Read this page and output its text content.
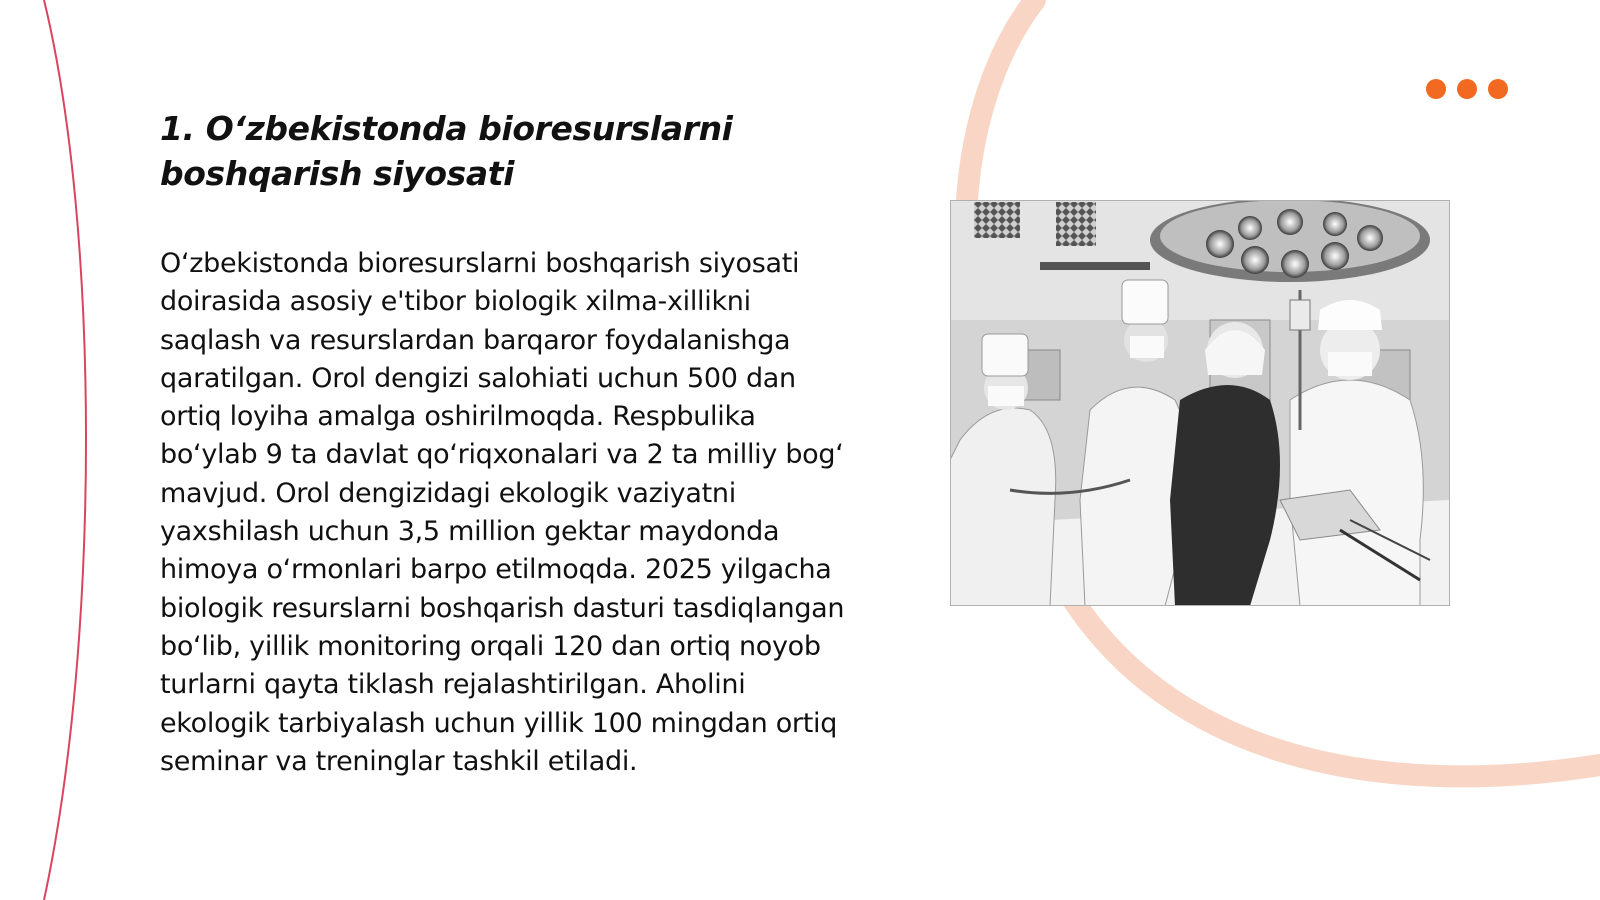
1. O‘zbekistonda bioresurslarni boshqarish siyosati

O‘zbekistonda bioresurslarni boshqarish siyosati doirasida asosiy e'tibor biologik xilma-xillikni saqlash va resurslardan barqaror foydalanishga qaratilgan. Orol dengizi salohiati uchun 500 dan ortiq loyiha amalga oshirilmoqda. Respbulika bo‘ylab 9 ta davlat qo‘riqxonalari va 2 ta milliy bog‘ mavjud. Orol dengizidagi ekologik vaziyatni yaxshilash uchun 3,5 million gektar maydonda himoya o‘rmonlari barpo etilmoqda. 2025 yilgacha biologik resurslarni boshqarish dasturi tasdiqlangan bo‘lib, yillik monitoring orqali 120 dan ortiq noyob turlarni qayta tiklash rejalashtirilgan. Aholini ekologik tarbiyalash uchun yillik 100 mingdan ortiq seminar va treninglar tashkil etiladi.
